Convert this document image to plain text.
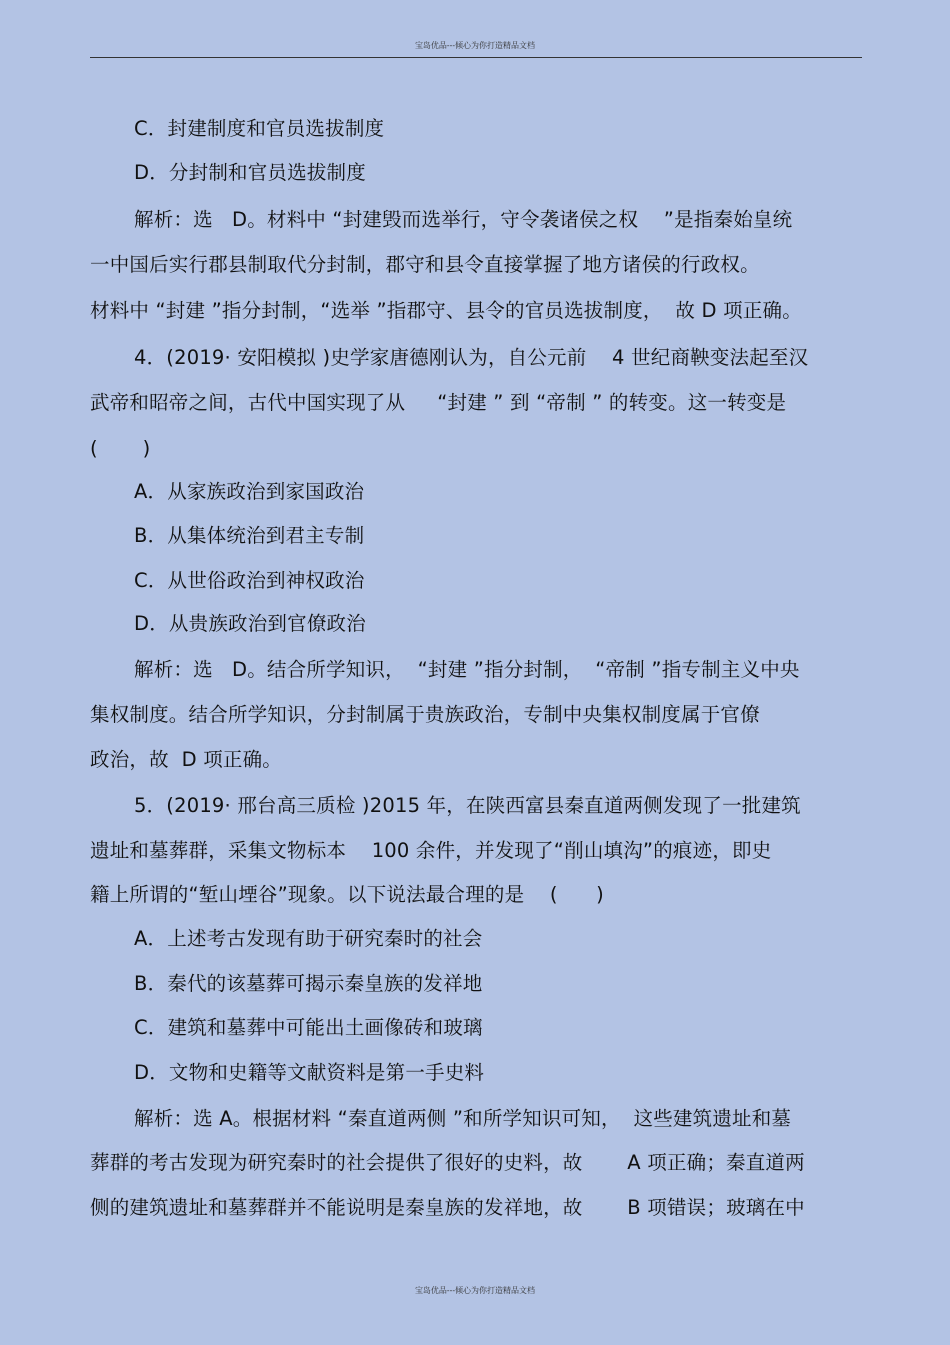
宝岛优品---倾心为你打造精品文档
C．封建制度和官员选拔制度
D．分封制和官员选拔制度
解析：选   D。材料中 “封建毁而选举行，守令袭诸侯之权    ”是指秦始皇统
一中国后实行郡县制取代分封制，郡守和县令直接掌握了地方诸侯的行政权。
材料中 “封建 ”指分封制，“选举 ”指郡守、县令的官员选拔制度，  故 D 项正确。
4．(2019· 安阳模拟 )史学家唐德刚认为，自公元前    4 世纪商鞅变法起至汉
武帝和昭帝之间，古代中国实现了从     “封建 ” 到 “帝制 ” 的转变。这一转变是
(       )
A．从家族政治到家国政治
B．从集体统治到君主专制
C．从世俗政治到神权政治
D．从贵族政治到官僚政治
解析：选   D。结合所学知识，  “封建 ”指分封制，  “帝制 ”指专制主义中央
集权制度。结合所学知识，分封制属于贵族政治，专制中央集权制度属于官僚
政治，故  D 项正确。
5．(2019· 邢台高三质检 )2015 年，在陕西富县秦直道两侧发现了一批建筑
遗址和墓葬群，采集文物标本    100 余件，并发现了“削山填沟”的痕迹，即史
籍上所谓的“堑山堙谷”现象。以下说法最合理的是    (      )
A．上述考古发现有助于研究秦时的社会
B．秦代的该墓葬可揭示秦皇族的发祥地
C．建筑和墓葬中可能出土画像砖和玻璃
D．文物和史籍等文献资料是第一手史料
解析：选 A。根据材料 “秦直道两侧 ”和所学知识可知，  这些建筑遗址和墓
葬群的考古发现为研究秦时的社会提供了很好的史料，故       A 项正确；秦直道两
侧的建筑遗址和墓葬群并不能说明是秦皇族的发祥地，故       B 项错误；玻璃在中
宝岛优品---倾心为你打造精品文档
